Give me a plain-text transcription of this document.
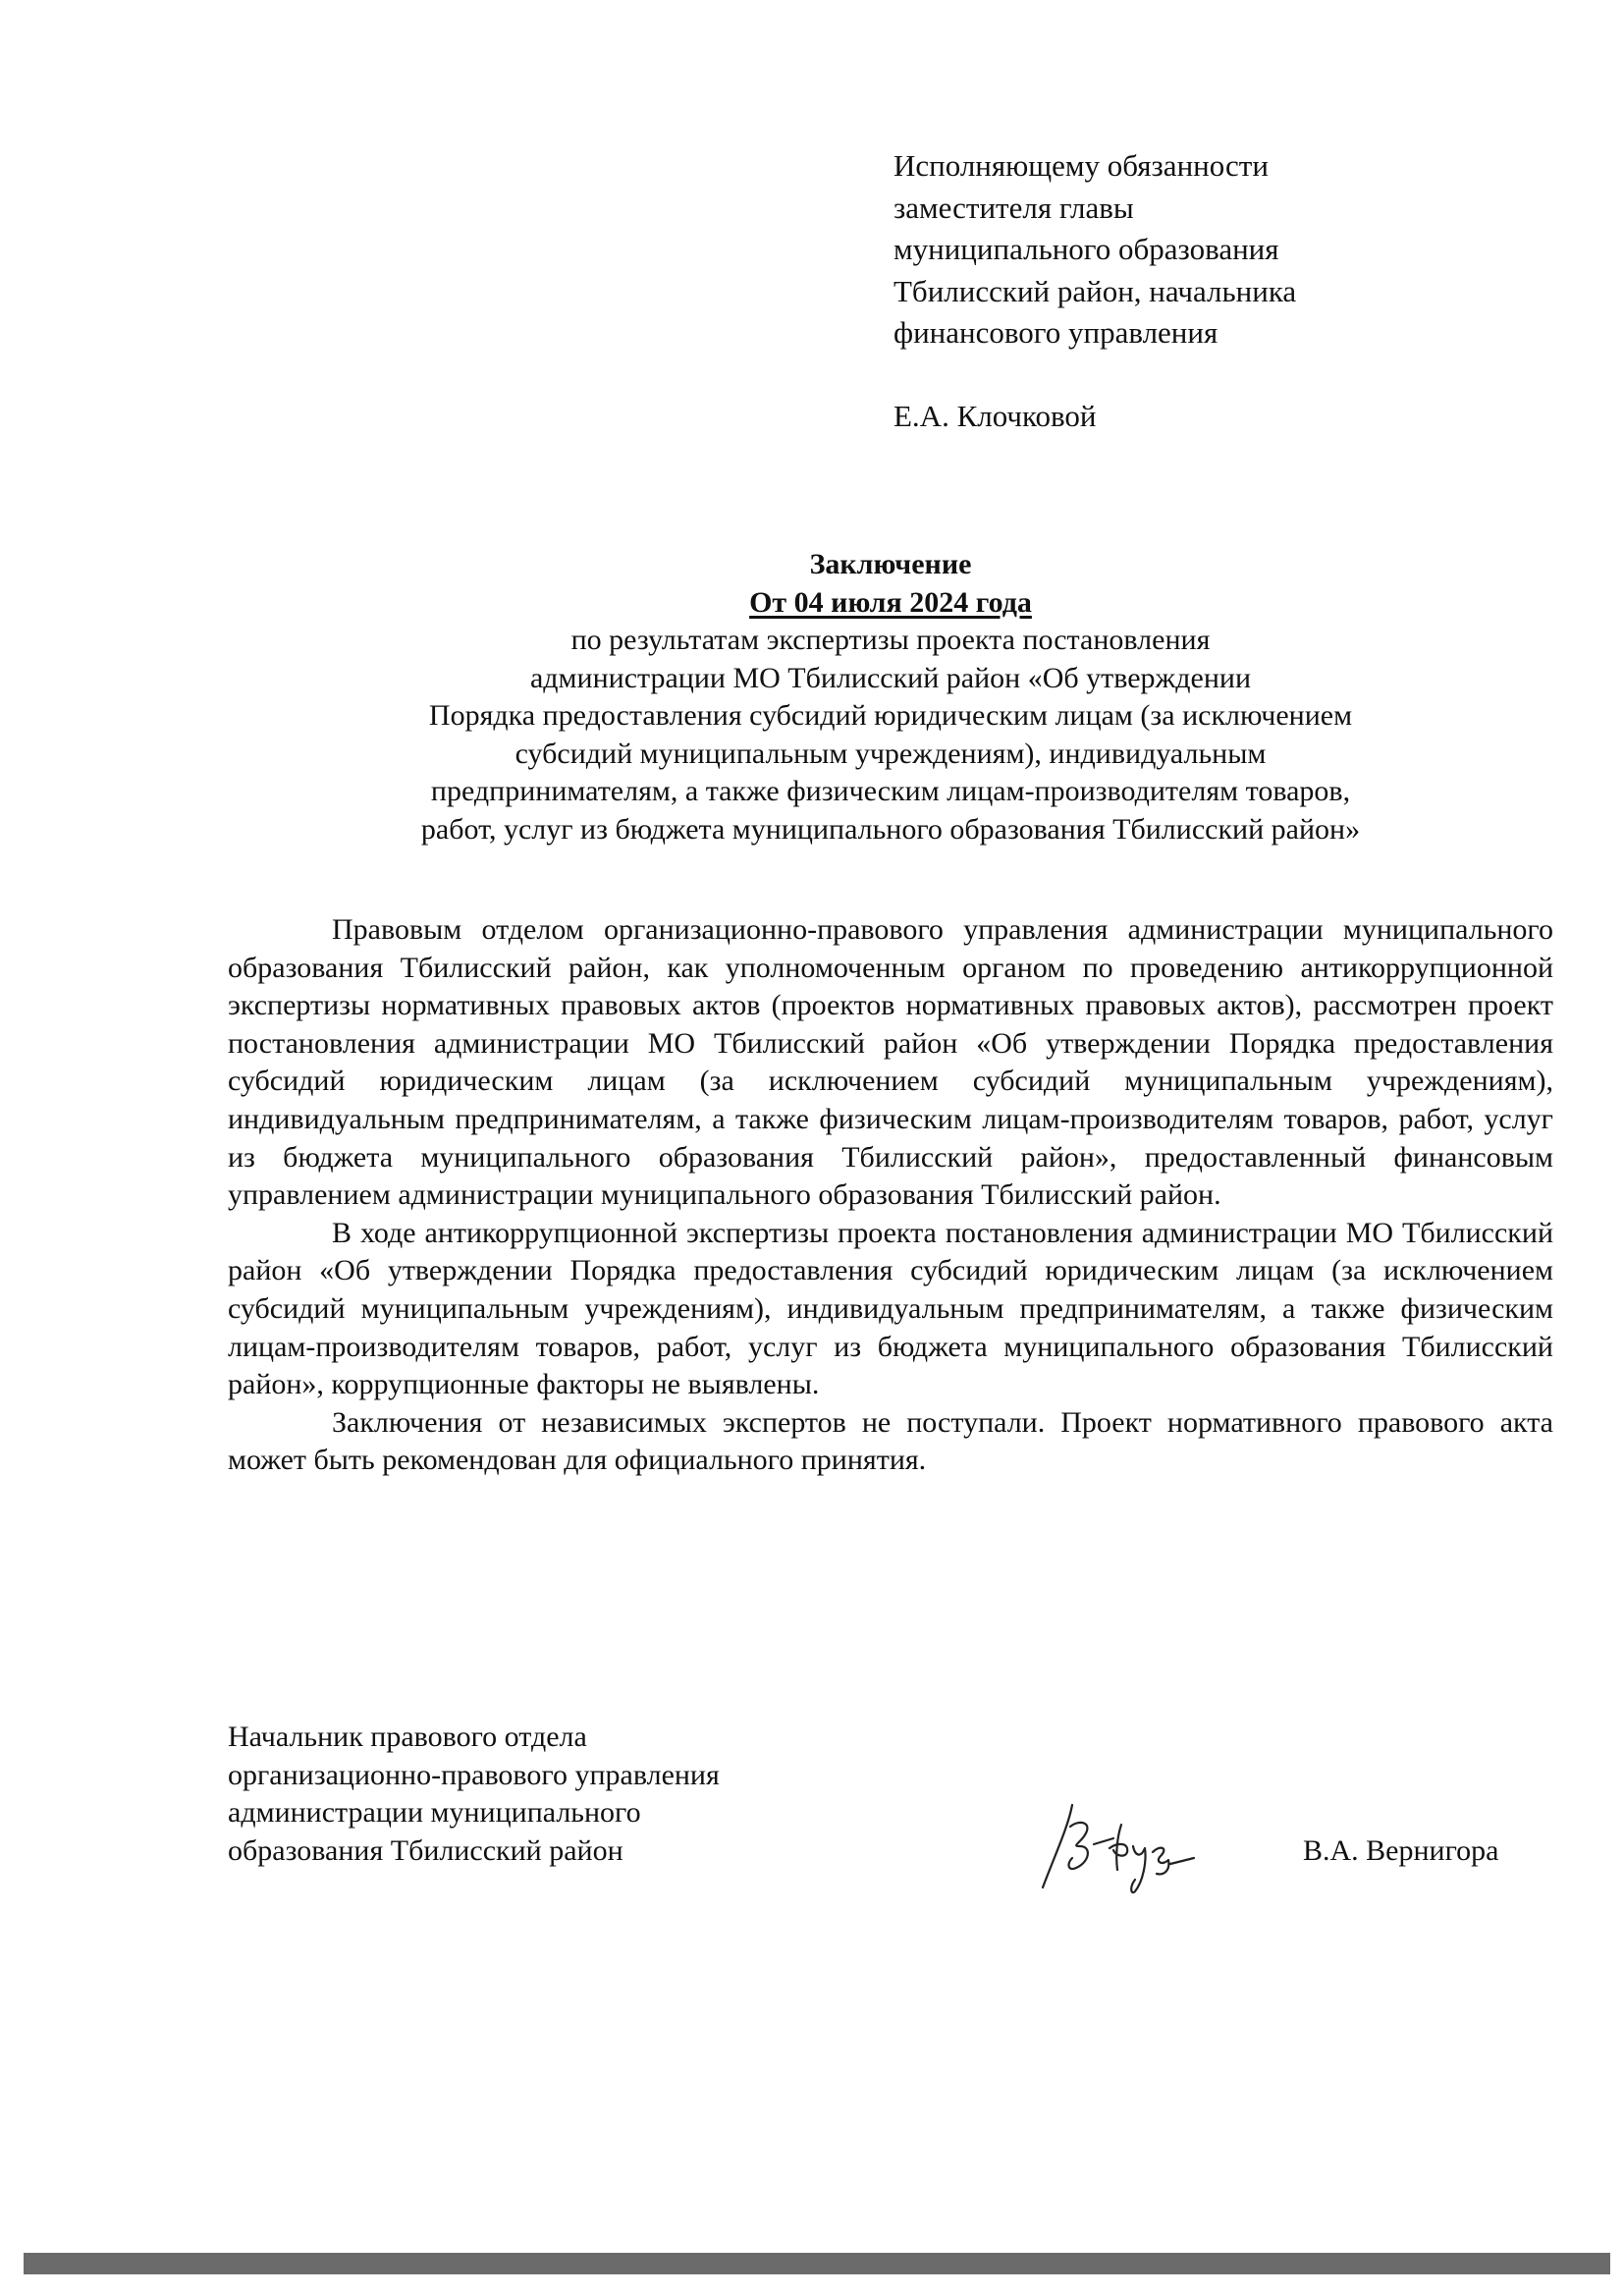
Исполняющему обязанности
заместителя главы
муниципального образования
Тбилисский район, начальника
финансового управления
Е.А. Клочковой
Заключение
От 04 июля 2024 года
по результатам экспертизы проекта постановления
администрации МО Тбилисский район «Об утверждении
Порядка предоставления субсидий юридическим лицам (за исключением
субсидий муниципальным учреждениям), индивидуальным
предпринимателям, а также физическим лицам-производителям товаров,
работ, услуг из бюджета муниципального образования Тбилисский район»

Правовым отделом организационно-правового управления администрации муниципального образования Тбилисский район, как уполномоченным органом по проведению антикоррупционной экспертизы нормативных правовых актов (проектов нормативных правовых актов), рассмотрен проект постановления администрации МО Тбилисский район «Об утверждении Порядка предоставления субсидий юридическим лицам (за исключением субсидий муниципальным учреждениям), индивидуальным предпринимателям, а также физическим лицам-производителям товаров, работ, услуг из бюджета муниципального образования Тбилисский район», предоставленный финансовым управлением администрации муниципального образования Тбилисский район.

В ходе антикоррупционной экспертизы проекта постановления администрации МО Тбилисский район «Об утверждении Порядка предоставления субсидий юридическим лицам (за исключением субсидий муниципальным учреждениям), индивидуальным предпринимателям, а также физическим лицам-производителям товаров, работ, услуг из бюджета муниципального образования Тбилисский район», коррупционные факторы не выявлены.

Заключения от независимых экспертов не поступали. Проект нормативного правового акта может быть рекомендован для официального принятия.

Начальник правового отдела
организационно-правового управления
администрации муниципального
образования Тбилисский район	В.А. Вернигора
